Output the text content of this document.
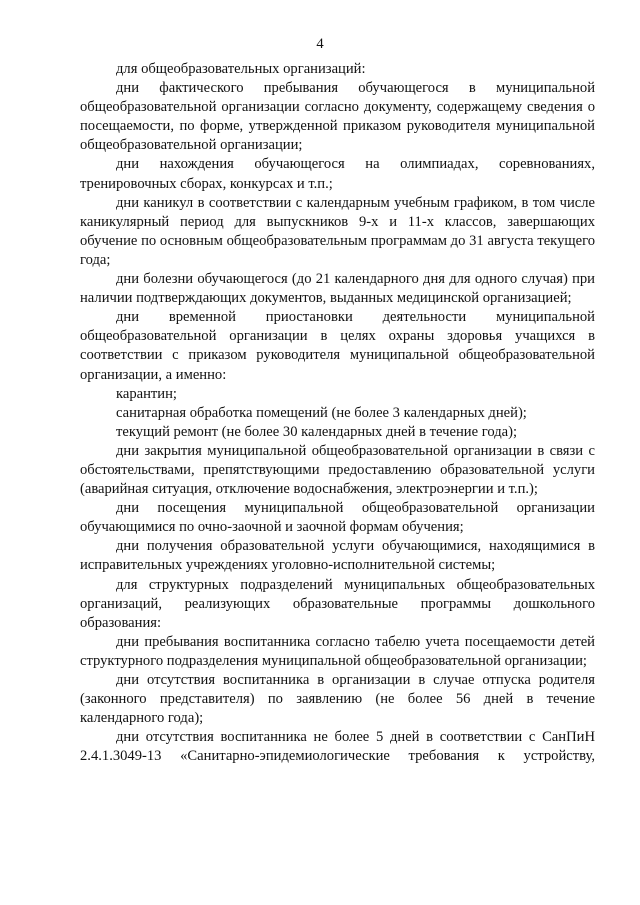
4

для общеобразовательных организаций:

дни фактического пребывания обучающегося в муниципальной общеобразовательной организации согласно документу, содержащему сведения о посещаемости, по форме, утвержденной приказом руководителя муниципальной общеобразовательной организации;

дни нахождения обучающегося на олимпиадах, соревнованиях, тренировочных сборах, конкурсах и т.п.;

дни каникул в соответствии с календарным учебным графиком, в том числе каникулярный период для выпускников 9-х и 11-х классов, завершающих обучение по основным общеобразовательным программам до 31 августа текущего года;

дни болезни обучающегося (до 21 календарного дня для одного случая) при наличии подтверждающих документов, выданных медицинской организацией;

дни временной приостановки деятельности муниципальной общеобразовательной организации в целях охраны здоровья учащихся в соответствии с приказом руководителя муниципальной общеобразовательной организации, а именно:

карантин;

санитарная обработка помещений (не более 3 календарных дней);

текущий ремонт (не более 30 календарных дней в течение года);

дни закрытия муниципальной общеобразовательной организации в связи с обстоятельствами, препятствующими предоставлению образовательной услуги (аварийная ситуация, отключение водоснабжения, электроэнергии и т.п.);

дни посещения муниципальной общеобразовательной организации обучающимися по очно-заочной и заочной формам обучения;

дни получения образовательной услуги обучающимися, находящимися в исправительных учреждениях уголовно-исполнительной системы;

для структурных подразделений муниципальных общеобразовательных организаций, реализующих образовательные программы дошкольного образования:

дни пребывания воспитанника согласно табелю учета посещаемости детей структурного подразделения муниципальной общеобразовательной организации;

дни отсутствия воспитанника в организации в случае отпуска родителя (законного представителя) по заявлению (не более 56 дней в течение календарного года);

дни отсутствия воспитанника не более 5 дней в соответствии с СанПиН 2.4.1.3049-13 «Санитарно-эпидемиологические требования к устройству,
